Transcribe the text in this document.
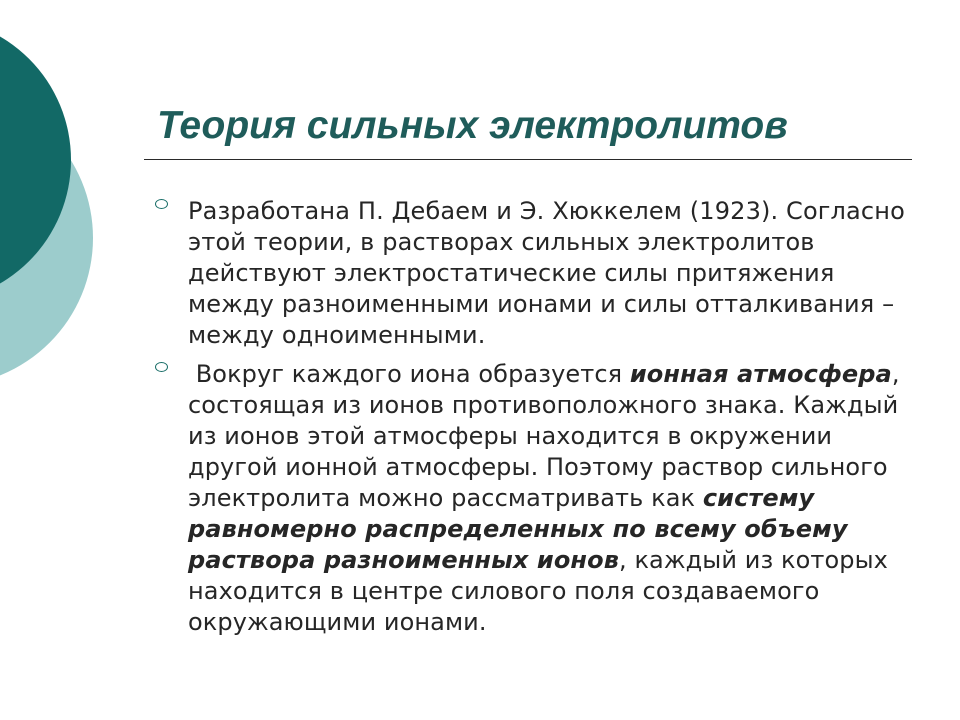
Теория сильных электролитов
Разработана П. Дебаем и Э. Хюккелем (1923). Согласно этой теории, в растворах сильных электролитов действуют электростатические силы притяжения между разноименными ионами и силы отталкивания – между одноименными.
Вокруг каждого иона образуется ионная атмосфера, состоящая из ионов противоположного знака. Каждый из ионов этой атмосферы находится в окружении другой ионной атмосферы. Поэтому раствор сильного электролита можно рассматривать как систему равномерно распределенных по всему объему раствора разноименных ионов, каждый из которых находится в центре силового поля создаваемого окружающими ионами.
